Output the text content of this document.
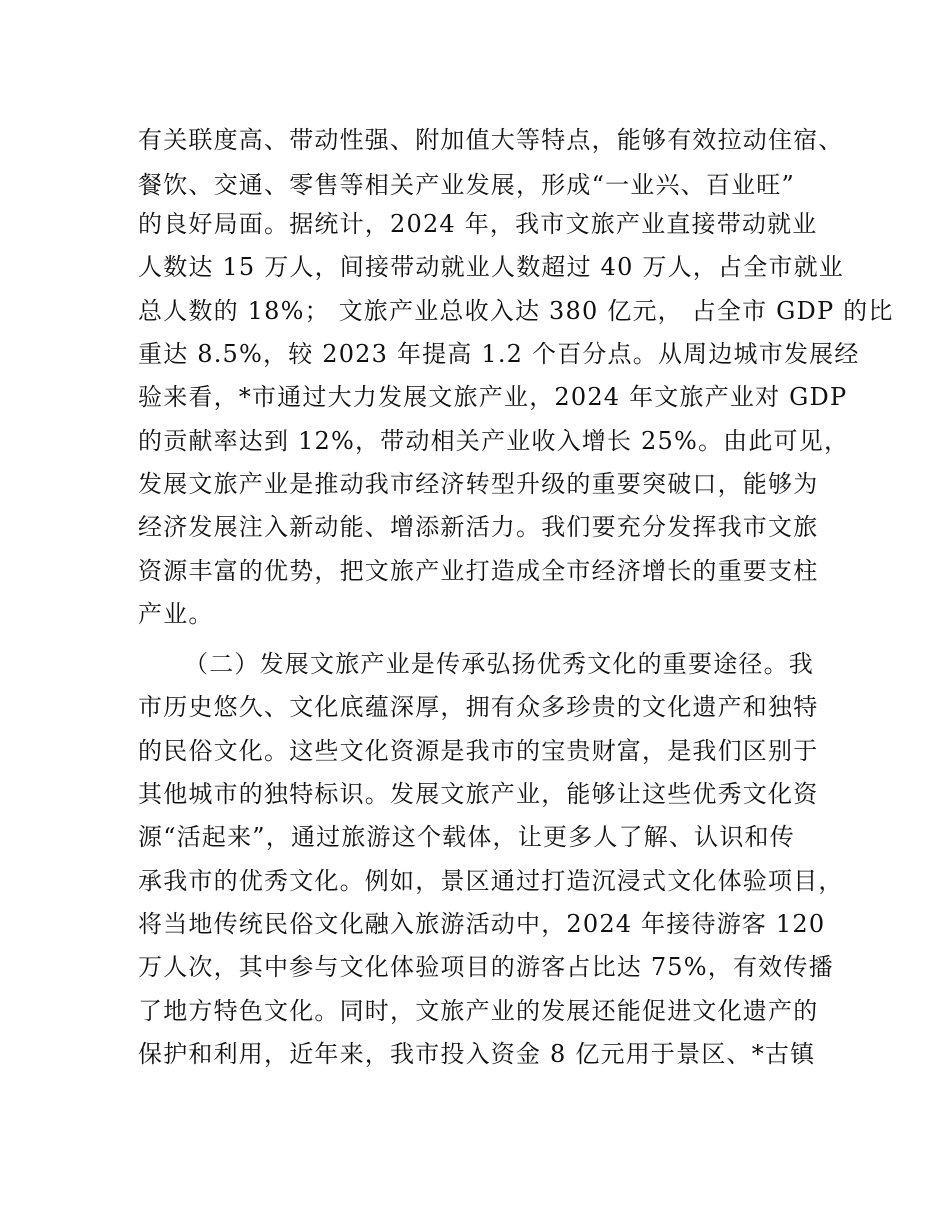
有关联度高、带动性强、附加值大等特点，能够有效拉动住宿、
餐饮、交通、零售等相关产业发展，形成“一业兴、百业旺”
的良好局面。据统计，2024 年，我市文旅产业直接带动就业
人数达 15 万人，间接带动就业人数超过 40 万人，占全市就业
总人数的 18%； 文旅产业总收入达 380 亿元， 占全市 GDP 的比
重达 8.5%，较 2023 年提高 1.2 个百分点。从周边城市发展经
验来看，*市通过大力发展文旅产业，2024 年文旅产业对 GDP
的贡献率达到 12%，带动相关产业收入增长 25%。由此可见，
发展文旅产业是推动我市经济转型升级的重要突破口，能够为
经济发展注入新动能、增添新活力。我们要充分发挥我市文旅
资源丰富的优势，把文旅产业打造成全市经济增长的重要支柱
产业。
（二）发展文旅产业是传承弘扬优秀文化的重要途径。我
市历史悠久、文化底蕴深厚，拥有众多珍贵的文化遗产和独特
的民俗文化。这些文化资源是我市的宝贵财富，是我们区别于
其他城市的独特标识。发展文旅产业，能够让这些优秀文化资
源“活起来”，通过旅游这个载体，让更多人了解、认识和传
承我市的优秀文化。例如，景区通过打造沉浸式文化体验项目，
将当地传统民俗文化融入旅游活动中，2024 年接待游客 120
万人次，其中参与文化体验项目的游客占比达 75%，有效传播
了地方特色文化。同时，文旅产业的发展还能促进文化遗产的
保护和利用，近年来，我市投入资金 8 亿元用于景区、*古镇
